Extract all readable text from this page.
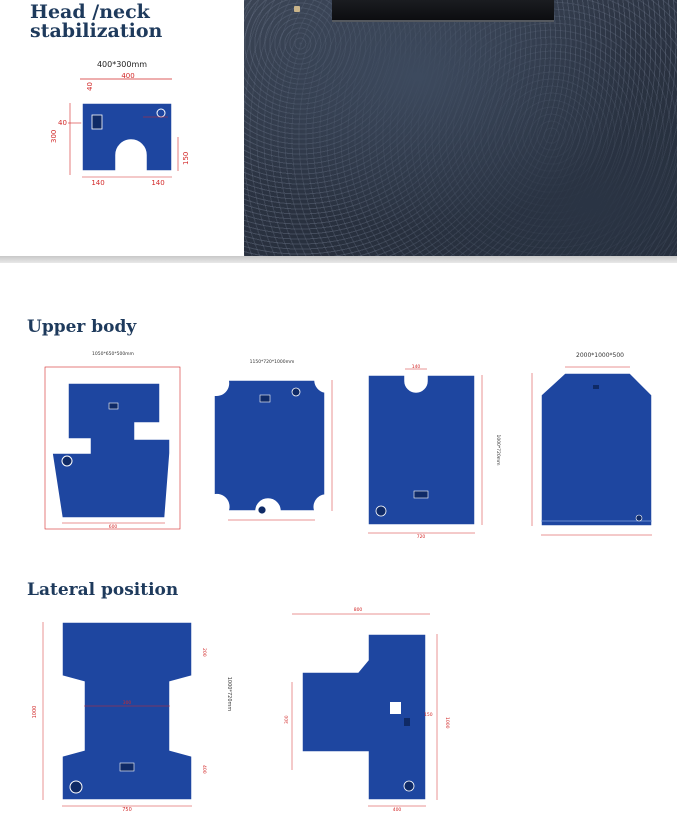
Head /neck
stabilization
400*300mm
400
40
40
300
150
140	140
Upper body
1050*650*500mm
600
1150*720*1000mm
140
720
1000*720mm
2000*1000*500
Lateral position
1000
300
750
200
400
1000*720mm
800
300	150
1000
400
